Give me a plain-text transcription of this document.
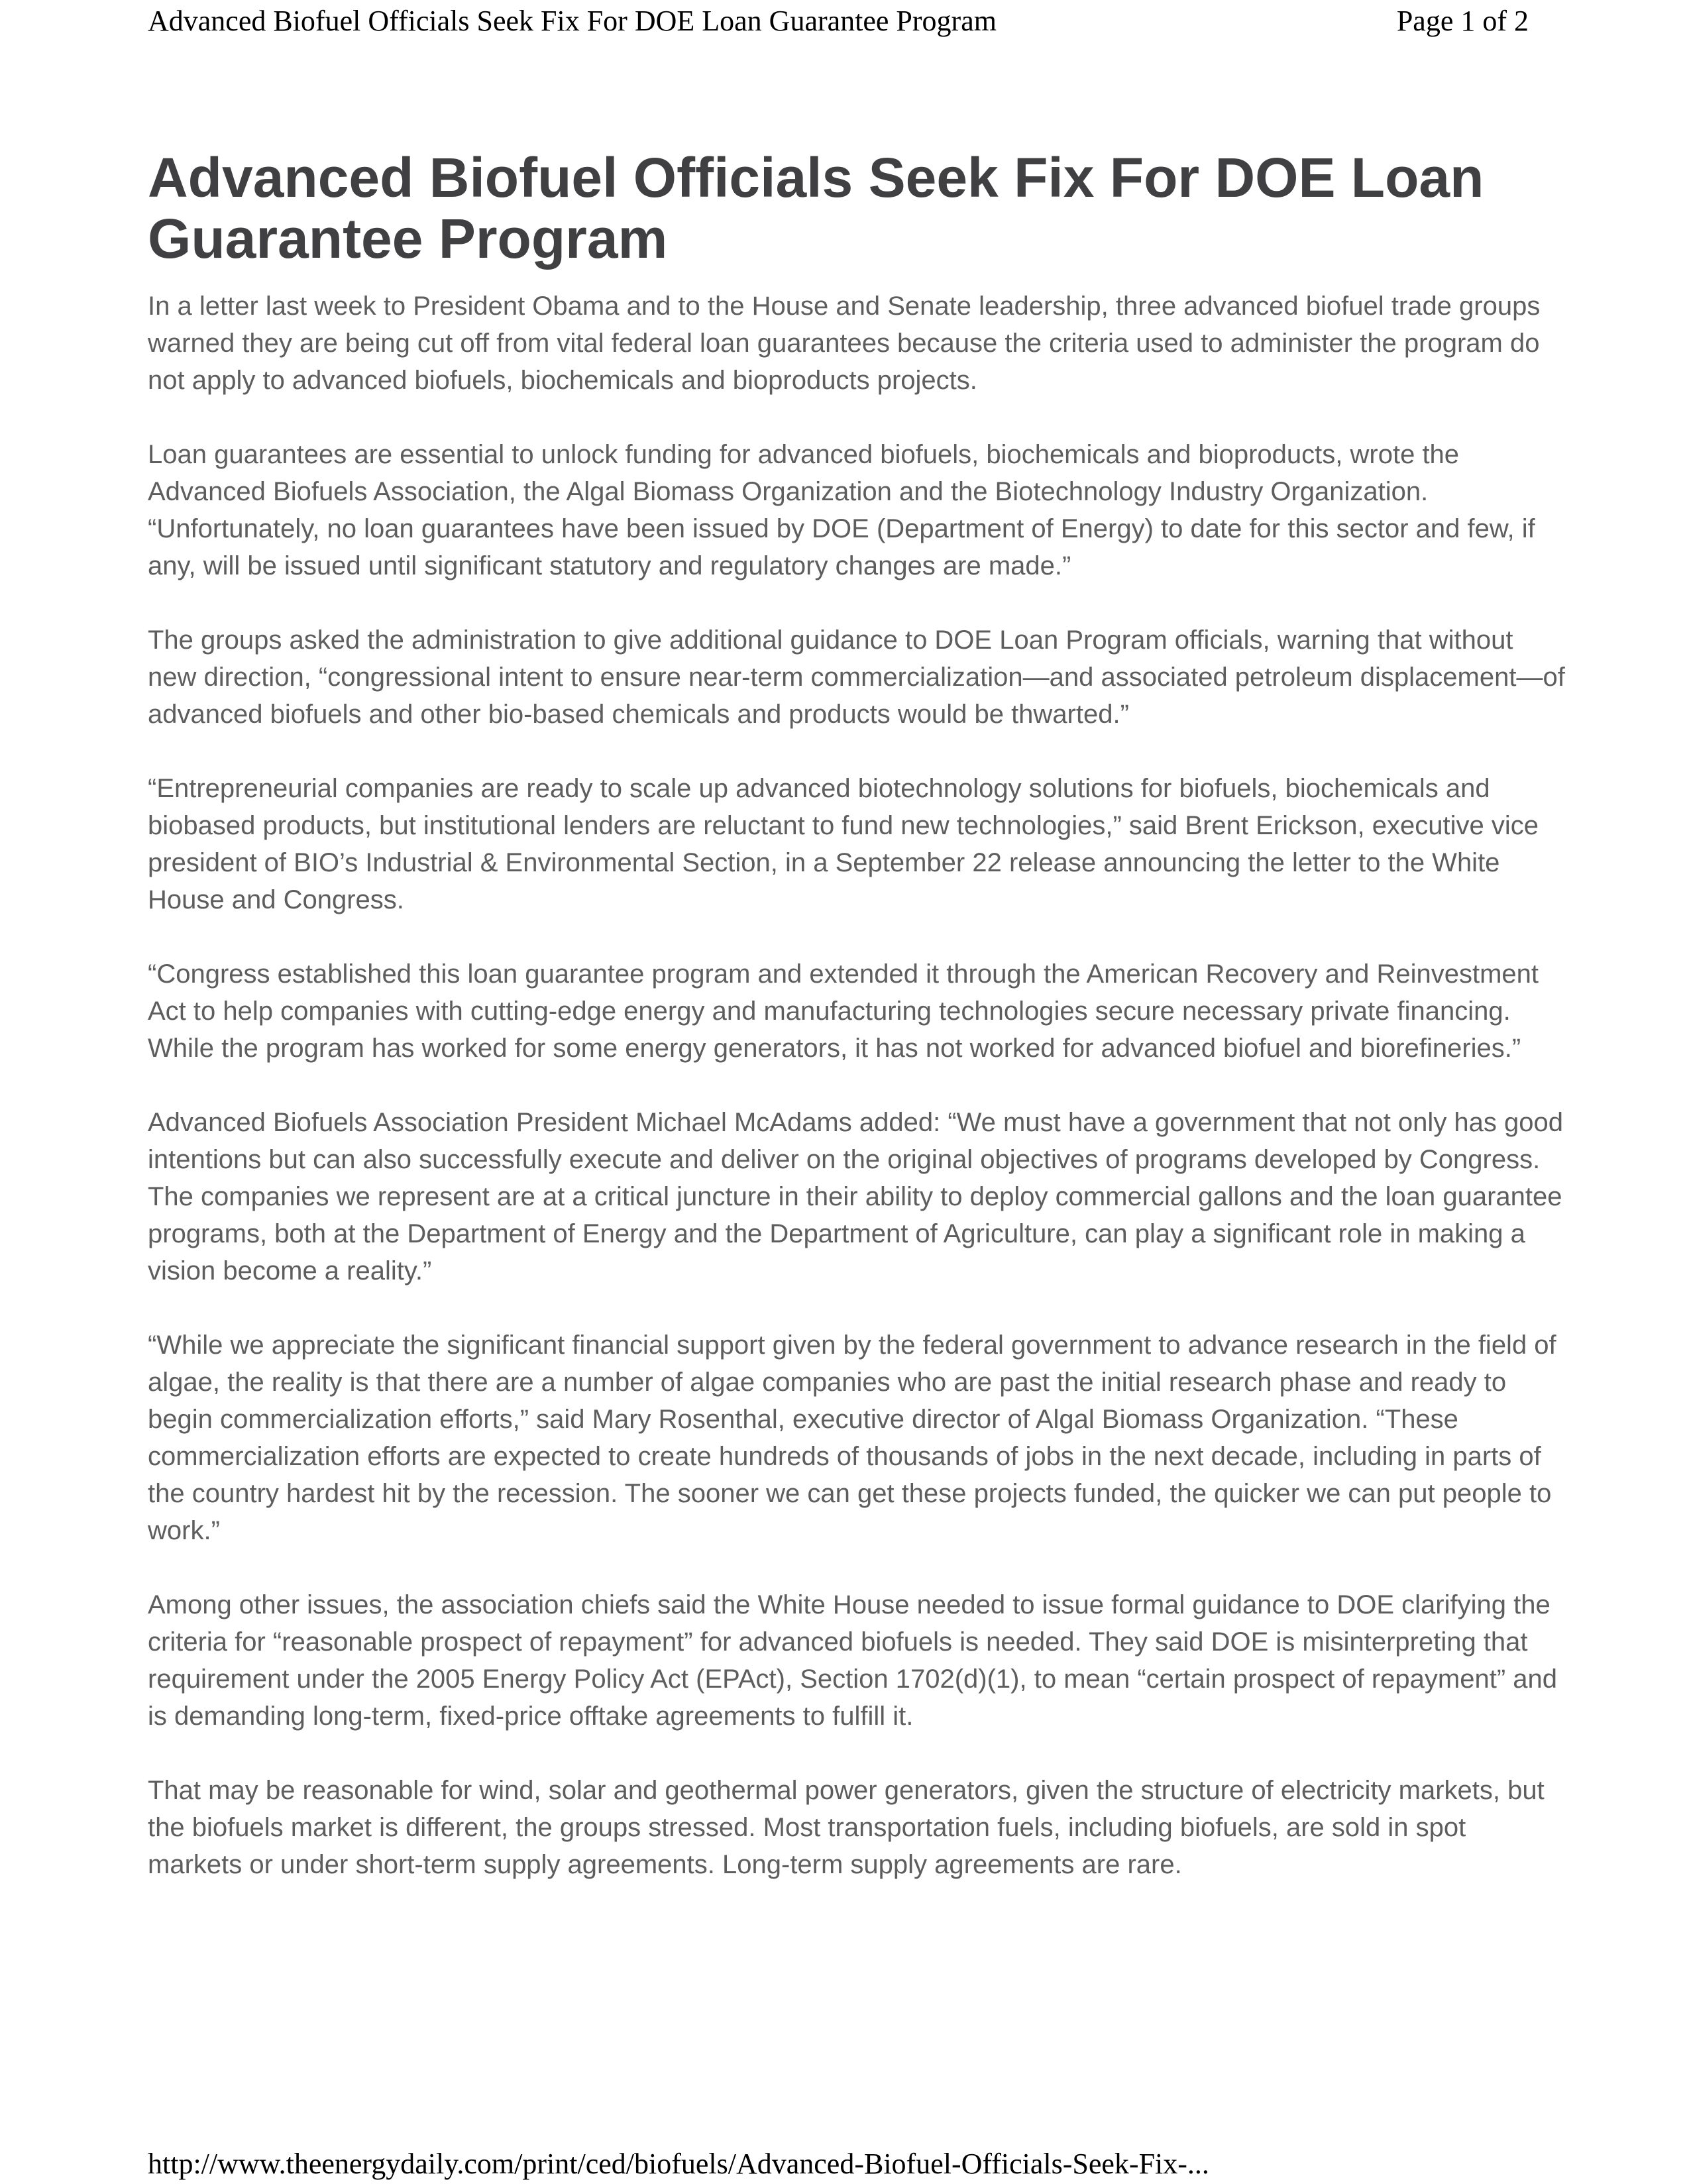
Advanced Biofuel Officials Seek Fix For DOE Loan Guarantee Program	Page 1 of 2
Advanced Biofuel Officials Seek Fix For DOE Loan
Guarantee Program

In a letter last week to President Obama and to the House and Senate leadership, three advanced biofuel trade groups warned they are being cut off from vital federal loan guarantees because the criteria used to administer the program do not apply to advanced biofuels, biochemicals and bioproducts projects.

Loan guarantees are essential to unlock funding for advanced biofuels, biochemicals and bioproducts, wrote the Advanced Biofuels Association, the Algal Biomass Organization and the Biotechnology Industry Organization. “Unfortunately, no loan guarantees have been issued by DOE (Department of Energy) to date for this sector and few, if any, will be issued until significant statutory and regulatory changes are made.”

The groups asked the administration to give additional guidance to DOE Loan Program officials, warning that without new direction, “congressional intent to ensure near-term commercialization—and associated petroleum displacement—of advanced biofuels and other bio-based chemicals and products would be thwarted.”

“Entrepreneurial companies are ready to scale up advanced biotechnology solutions for biofuels, biochemicals and biobased products, but institutional lenders are reluctant to fund new technologies,” said Brent Erickson, executive vice president of BIO’s Industrial & Environmental Section, in a September 22 release announcing the letter to the White House and Congress.

“Congress established this loan guarantee program and extended it through the American Recovery and Reinvestment Act to help companies with cutting-edge energy and manufacturing technologies secure necessary private financing. While the program has worked for some energy generators, it has not worked for advanced biofuel and biorefineries.”

Advanced Biofuels Association President Michael McAdams added: “We must have a government that not only has good intentions but can also successfully execute and deliver on the original objectives of programs developed by Congress. The companies we represent are at a critical juncture in their ability to deploy commercial gallons and the loan guarantee programs, both at the Department of Energy and the Department of Agriculture, can play a significant role in making a vision become a reality.”

“While we appreciate the significant financial support given by the federal government to advance research in the field of algae, the reality is that there are a number of algae companies who are past the initial research phase and ready to begin commercialization efforts,” said Mary Rosenthal, executive director of Algal Biomass Organization. “These commercialization efforts are expected to create hundreds of thousands of jobs in the next decade, including in parts of the country hardest hit by the recession. The sooner we can get these projects funded, the quicker we can put people to work.”

Among other issues, the association chiefs said the White House needed to issue formal guidance to DOE clarifying the criteria for “reasonable prospect of repayment” for advanced biofuels is needed. They said DOE is misinterpreting that requirement under the 2005 Energy Policy Act (EPAct), Section 1702(d)(1), to mean “certain prospect of repayment” and is demanding long-term, fixed-price offtake agreements to fulfill it.

That may be reasonable for wind, solar and geothermal power generators, given the structure of electricity markets, but the biofuels market is different, the groups stressed. Most transportation fuels, including biofuels, are sold in spot markets or under short-term supply agreements. Long-term supply agreements are rare.

http://www.theenergydaily.com/print/ced/biofuels/Advanced-Biofuel-Officials-Seek-Fix-...
